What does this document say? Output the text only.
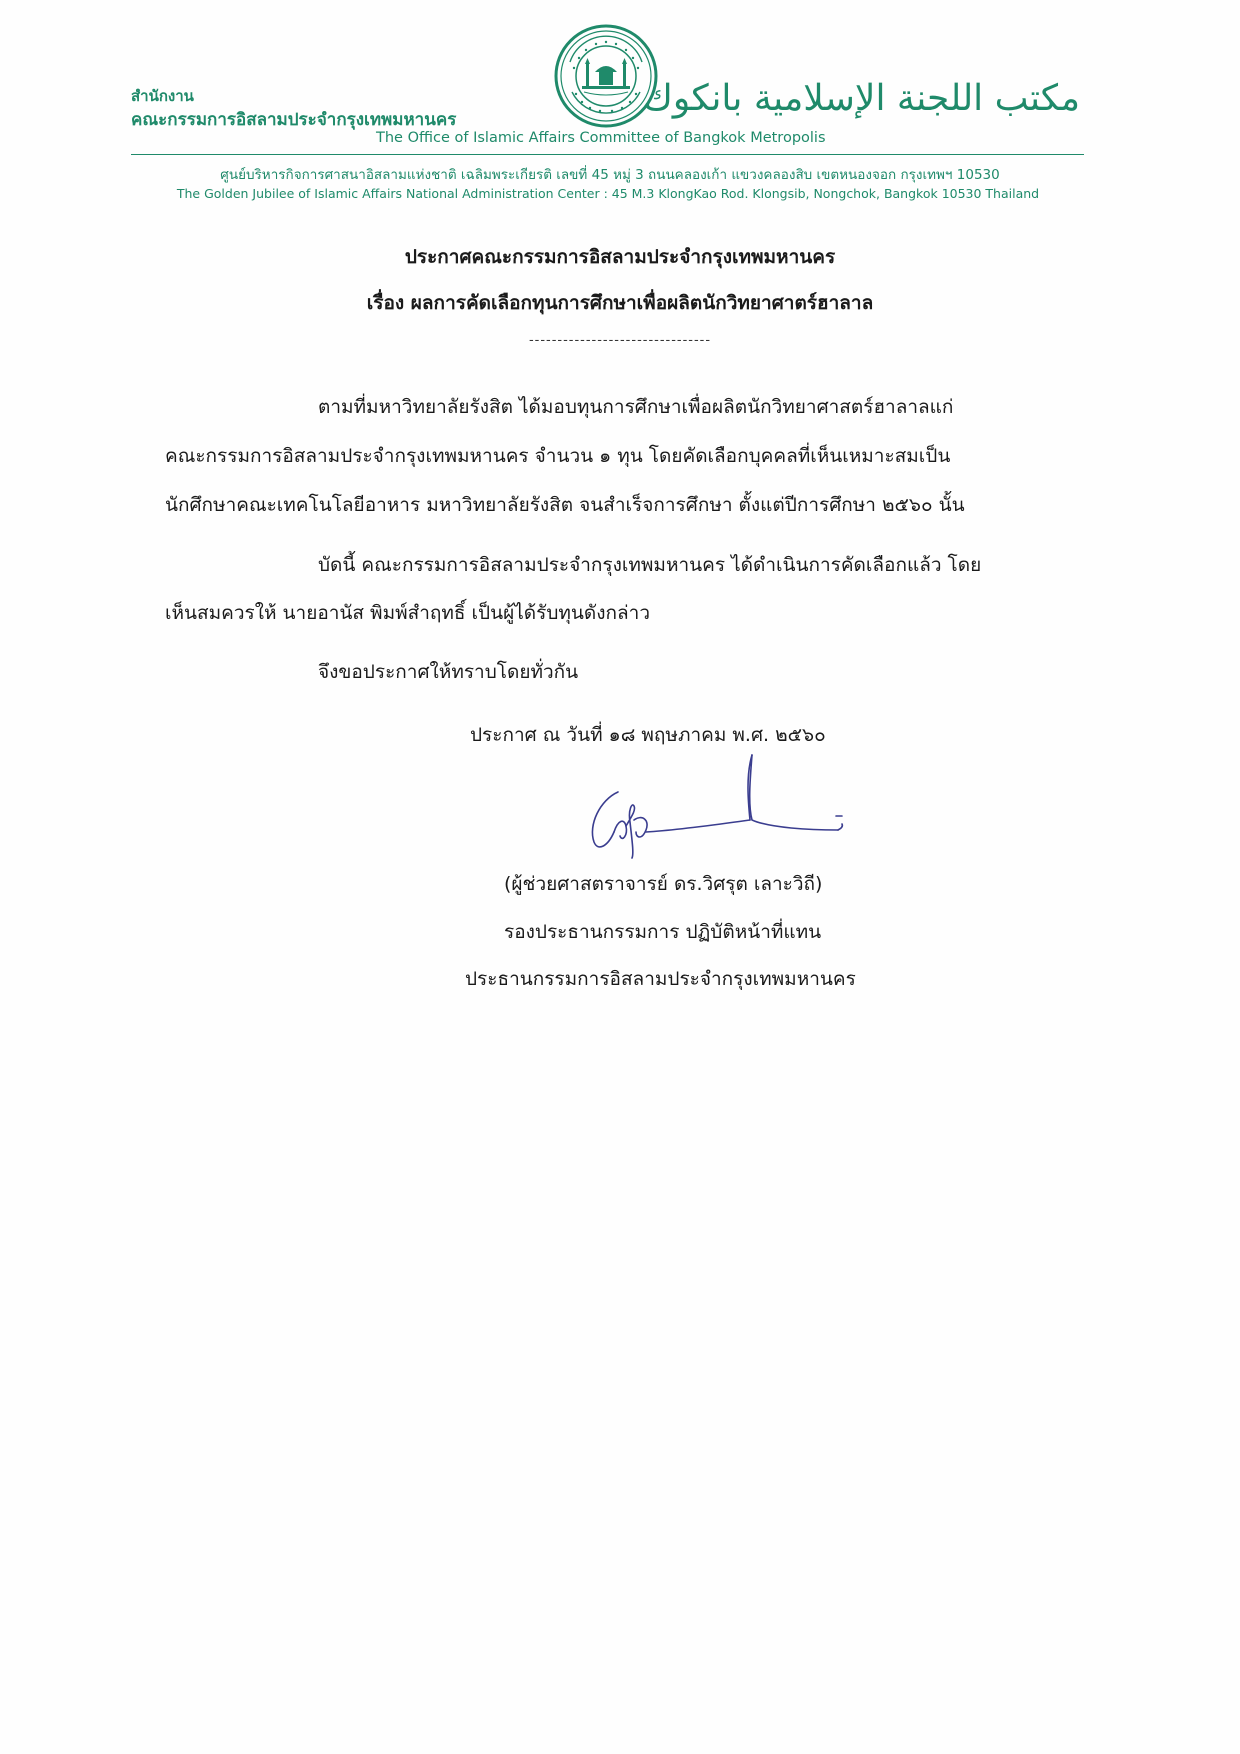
สำนักงาน
คณะกรรมการอิสลามประจำกรุงเทพมหานคร
مكتب اللجنة الإسلامية بانكوك
The Office of Islamic Affairs Committee of Bangkok Metropolis
ศูนย์บริหารกิจการศาสนาอิสลามแห่งชาติ เฉลิมพระเกียรติ เลขที่ 45 หมู่ 3 ถนนคลองเก้า แขวงคลองสิบ เขตหนองจอก กรุงเทพฯ 10530
The Golden Jubilee of Islamic Affairs National Administration Center : 45 M.3 KlongKao Rod. Klongsib, Nongchok, Bangkok 10530 Thailand
ประกาศคณะกรรมการอิสลามประจำกรุงเทพมหานคร
เรื่อง ผลการคัดเลือกทุนการศึกษาเพื่อผลิตนักวิทยาศาตร์ฮาลาล
--------------------------------
ตามที่มหาวิทยาลัยรังสิต ได้มอบทุนการศึกษาเพื่อผลิตนักวิทยาศาสตร์ฮาลาลแก่
คณะกรรมการอิสลามประจำกรุงเทพมหานคร จำนวน ๑ ทุน โดยคัดเลือกบุคคลที่เห็นเหมาะสมเป็น
นักศึกษาคณะเทคโนโลยีอาหาร มหาวิทยาลัยรังสิต จนสำเร็จการศึกษา ตั้งแต่ปีการศึกษา ๒๕๖๐ นั้น
บัดนี้ คณะกรรมการอิสลามประจำกรุงเทพมหานคร ได้ดำเนินการคัดเลือกแล้ว โดย
เห็นสมควรให้ นายอานัส พิมพ์สำฤทธิ์ เป็นผู้ได้รับทุนดังกล่าว
จึงขอประกาศให้ทราบโดยทั่วกัน
ประกาศ ณ วันที่ ๑๘ พฤษภาคม พ.ศ. ๒๕๖๐
(ผู้ช่วยศาสตราจารย์ ดร.วิศรุต เลาะวิถี)
รองประธานกรรมการ ปฏิบัติหน้าที่แทน
ประธานกรรมการอิสลามประจำกรุงเทพมหานคร
